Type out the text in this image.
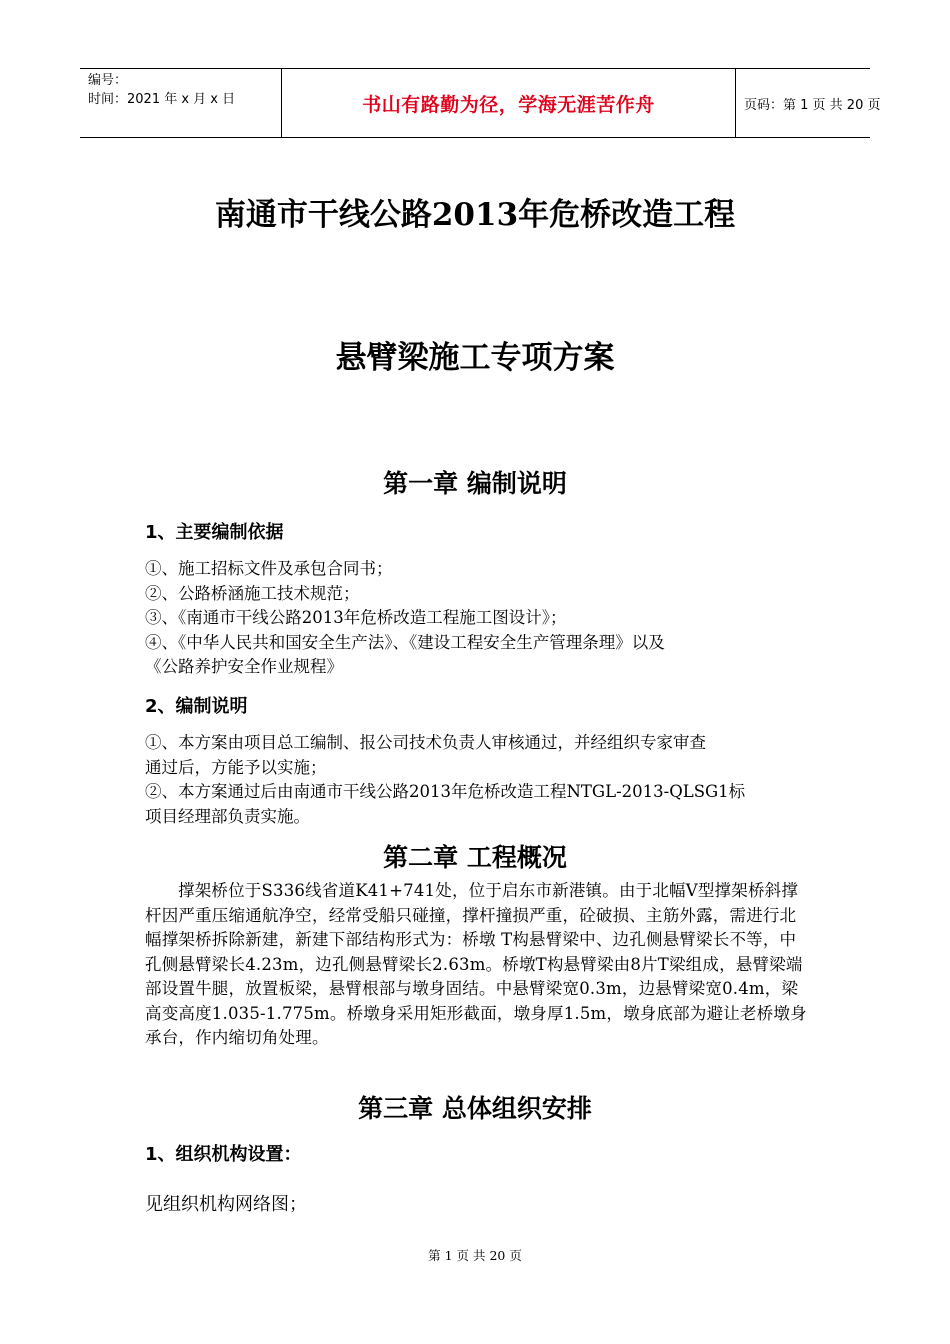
编号：
时间：2021 年 x 月 x 日	书山有路勤为径，学海无涯苦作舟	页码：第 1 页 共 20 页
南通市干线公路2013年危桥改造工程
悬臂梁施工专项方案
第一章 编制说明
1、主要编制依据
①、施工招标文件及承包合同书；
②、公路桥涵施工技术规范；
③、《南通市干线公路2013年危桥改造工程施工图设计》；
④、《中华人民共和国安全生产法》、《建设工程安全生产管理条理》以及
《公路养护安全作业规程》
2、编制说明
①、本方案由项目总工编制、报公司技术负责人审核通过，并经组织专家审查
通过后，方能予以实施；
②、本方案通过后由南通市干线公路2013年危桥改造工程NTGL-2013-QLSG1标
项目经理部负责实施。
第二章 工程概况
撑架桥位于S336线省道K41+741处，位于启东市新港镇。由于北幅V型撑架桥斜撑杆因严重压缩通航净空，经常受船只碰撞，撑杆撞损严重，砼破损、主筋外露，需进行北幅撑架桥拆除新建，新建下部结构形式为：桥墩 T构悬臂梁中、边孔侧悬臂梁长不等，中孔侧悬臂梁长4.23m，边孔侧悬臂梁长2.63m。桥墩T构悬臂梁由8片T梁组成，悬臂梁端部设置牛腿，放置板梁，悬臂根部与墩身固结。中悬臂梁宽0.3m，边悬臂梁宽0.4m，梁高变高度1.035-1.775m。桥墩身采用矩形截面，墩身厚1.5m，墩身底部为避让老桥墩身承台，作内缩切角处理。
第三章 总体组织安排
1、组织机构设置：
见组织机构网络图；
第 1 页 共 20 页
